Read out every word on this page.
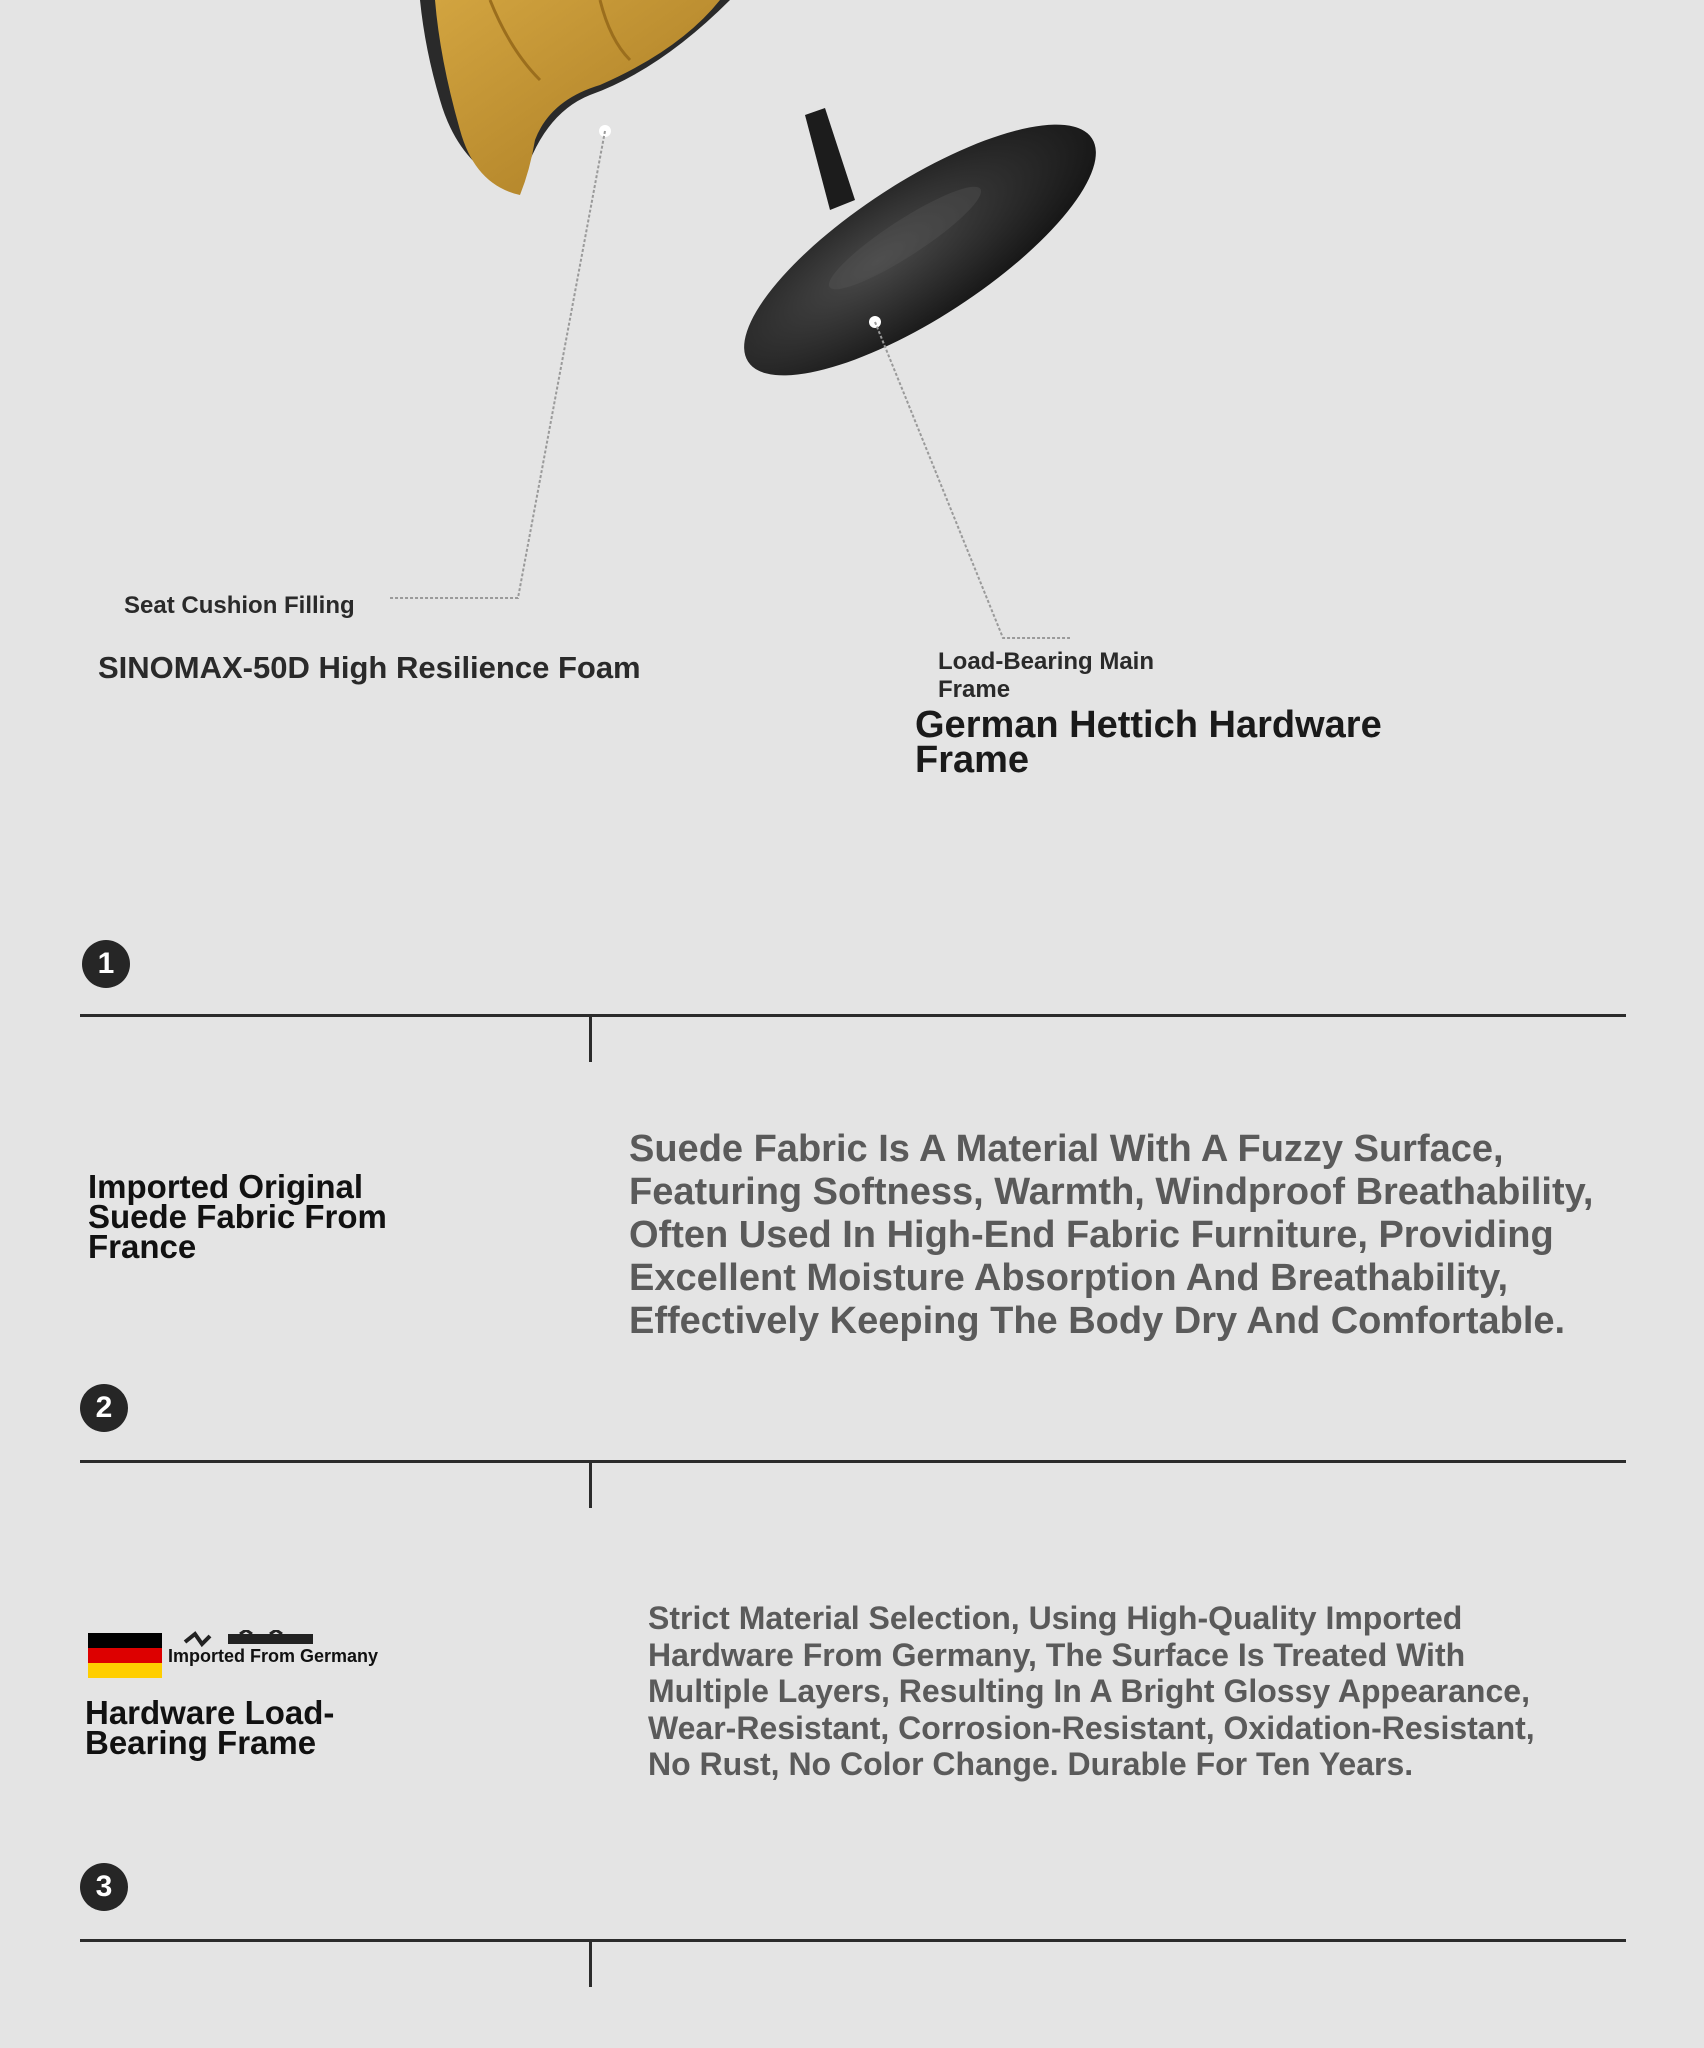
Seat Cushion Filling
SINOMAX-50D High Resilience Foam	Load-Bearing Main Frame
German Hettich Hardware Frame
1
Imported Original Suede Fabric From France
Suede Fabric Is A Material With A Fuzzy Surface, Featuring Softness, Warmth, Windproof Breathability, Often Used In High-End Fabric Furniture, Providing Excellent Moisture Absorption And Breathability, Effectively Keeping The Body Dry And Comfortable.
2
Imported From Germany
Hardware Load-Bearing Frame
Strict Material Selection, Using High-Quality Imported Hardware From Germany, The Surface Is Treated With Multiple Layers, Resulting In A Bright Glossy Appearance, Wear-Resistant, Corrosion-Resistant, Oxidation-Resistant, No Rust, No Color Change. Durable For Ten Years.
3
